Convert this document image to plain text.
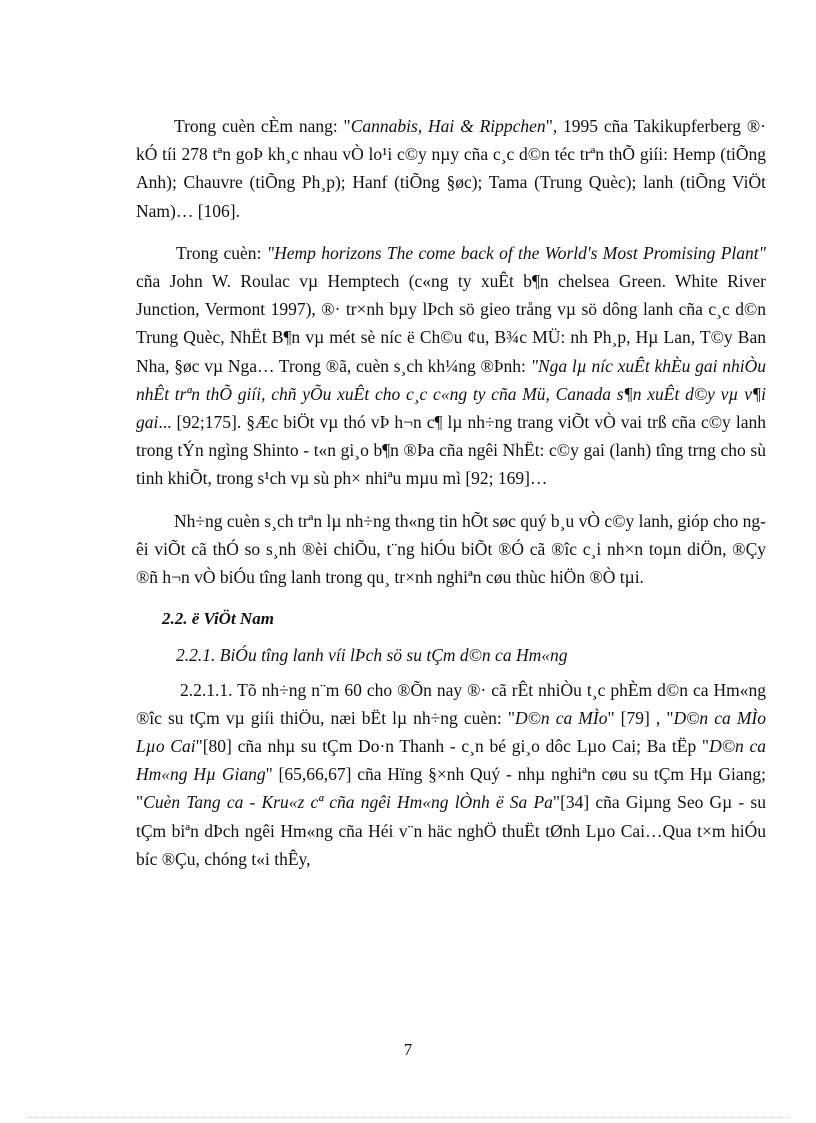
Trong cuèn cÈm nang: "Cannabis, Hai & Rippchen", 1995 cña Takikupferberg ®· kÓ tíi 278 tªn goÞ kh¸c nhau vÒ lo¹i c©y nµy cña c¸c d©n téc trªn thÕ giíi: Hemp (tiÕng Anh); Chauvre (tiÕng Ph¸p); Hanf (tiÕng §øc); Tama (Trung Quèc); lanh (tiÕng ViÖt Nam)… [106].

Trong cuèn: "Hemp horizons The come back of the World's Most Promising Plant" cña John W. Roulac vµ Hemptech (c«ng ty xuÊt b¶n chelsea Green. White River Junction, Vermont 1997), ®· tr×nh bµy lÞch sö gieo trång vµ sö dông lanh cña c¸c d©n Trung Quèc, NhËt B¶n vµ mét sè níc ë Ch©u ¢u, B¾c MÜ: nh Ph¸p, Hµ Lan, T©y Ban Nha, §øc vµ Nga… Trong ®ã, cuèn s¸ch kh¼ng ®Þnh: "Nga lµ níc xuÊt khÈu gai nhiÒu nhÊt trªn thÕ giíi, chñ yÕu xuÊt cho c¸c c«ng ty cña Mü, Canada s¶n xuÊt d©y vµ v¶i gai... [92;175]. §Æc biÖt vµ thó vÞ h¬n c¶ lµ nh÷ng trang viÕt vÒ vai trß cña c©y lanh trong tÝn ngìng Shinto - t«n gi¸o b¶n ®Þa cña ngêi NhËt: c©y gai (lanh) tîng trng cho sù tinh khiÕt, trong s¹ch vµ sù ph× nhiªu mµu mì [92; 169]…

Nh÷ng cuèn s¸ch trªn lµ nh÷ng th«ng tin hÕt søc quý b¸u vÒ c©y lanh, gióp cho ngêi viÕt cã thÓ so s¸nh ®èi chiÕu, t¨ng hiÓu biÕt ®Ó cã ®îc c¸i nh×n toµn diÖn, ®Çy ®ñ h¬n vÒ biÓu tîng lanh trong qu¸ tr×nh nghiªn cøu thùc hiÖn ®Ò tµi.

2.2. ë ViÖt Nam

2.2.1. BiÓu tîng lanh víi lÞch sö su tÇm d©n ca Hm«ng

2.2.1.1. Tõ nh÷ng n¨m 60 cho ®Õn nay ®· cã rÊt nhiÒu t¸c phÈm d©n ca Hm«ng ®îc su tÇm vµ giíi thiÖu, næi bËt lµ nh÷ng cuèn: "D©n ca MÌo" [79] , "D©n ca MÌo Lµo Cai"[80] cña nhµ su tÇm Do·n Thanh - c¸n bé gi¸o dôc Lµo Cai; Ba tËp "D©n ca Hm«ng Hµ Giang" [65,66,67] cña Hïng §×nh Quý - nhµ nghiªn cøu su tÇm Hµ Giang; "Cuèn Tang ca - Kru«z cª cña ngêi Hm«ng lÒnh ë Sa Pa"[34] cña Giµng Seo Gµ - su tÇm biªn dÞch ngêi Hm«ng cña Héi v¨n häc nghÖ thuËt tØnh Lµo Cai…Qua t×m hiÓu bíc ®Çu, chóng t«i thÊy,

7
